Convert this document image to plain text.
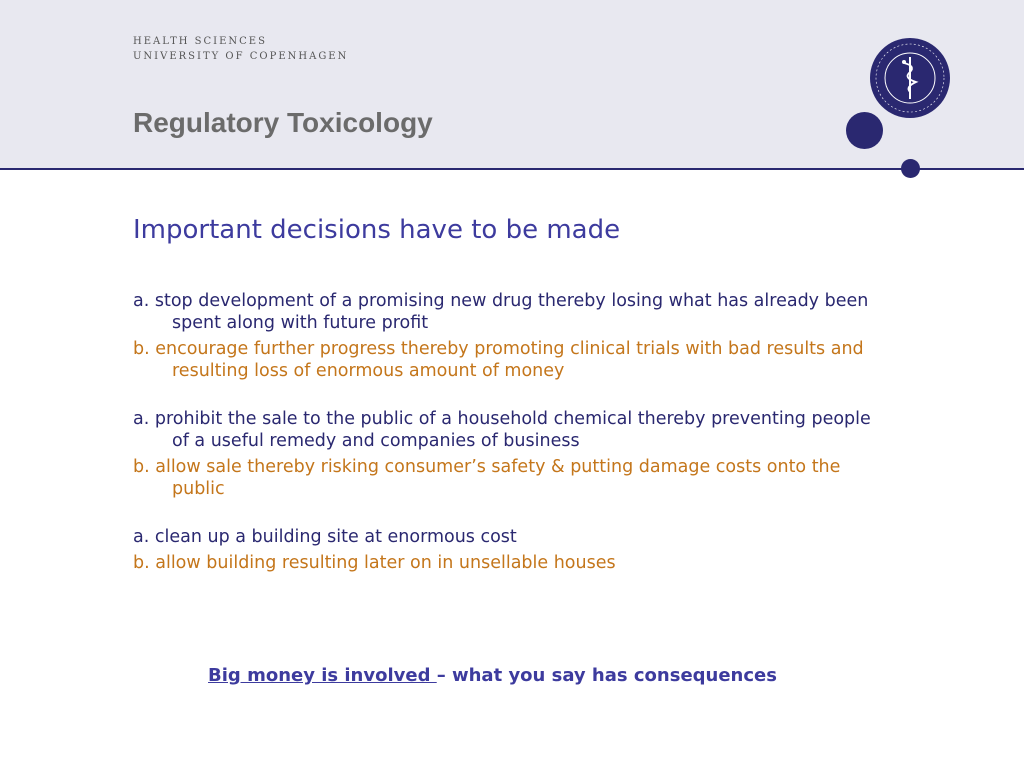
HEALTH SCIENCES
UNIVERSITY OF COPENHAGEN
Regulatory Toxicology
Important decisions have to be made

a. stop development of a promising new drug thereby losing what has already been spent along with future profit

b. encourage further progress thereby promoting clinical trials with bad results and resulting loss of enormous amount of money

a. prohibit the sale to the public of a household chemical thereby preventing people of a useful remedy and companies of business

b. allow sale thereby risking consumer’s safety & putting damage costs onto the public

a. clean up a building site at enormous cost

b. allow building resulting later on in unsellable houses

Big money is involved – what you say has consequences
